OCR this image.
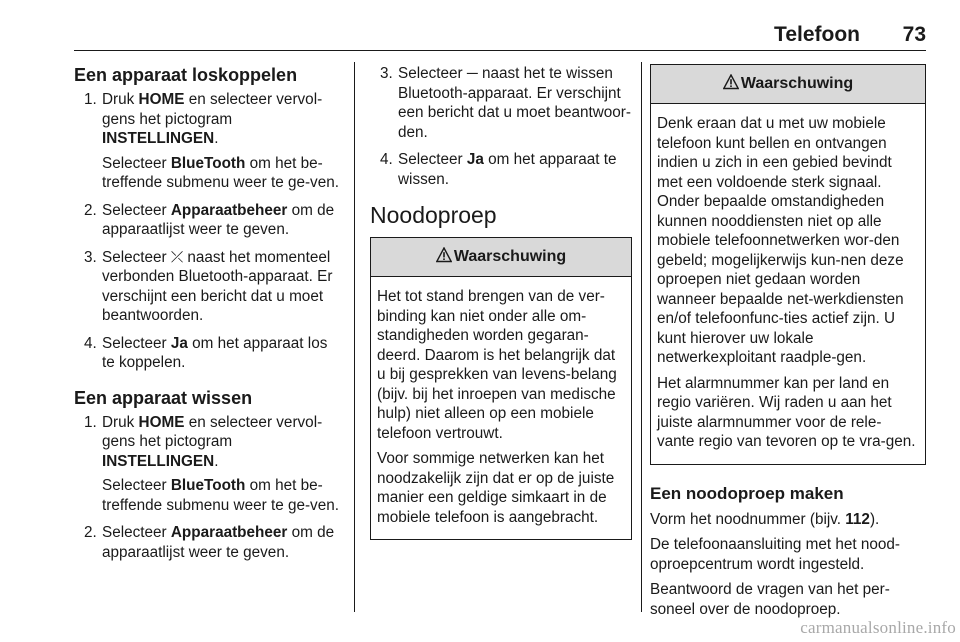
Telefoon	73
Een apparaat loskoppelen
1. Druk HOME en selecteer vervol-gens het pictogram
INSTELLINGEN.

Selecteer BlueTooth om het be-treffende submenu weer te ge-ven.

2. Selecteer Apparaatbeheer om de apparaatlijst weer te geven.
3. Selecteer ⤫ naast het momenteel verbonden Bluetooth-apparaat. Er verschijnt een bericht dat u moet beantwoorden.
4. Selecteer Ja om het apparaat los te koppelen.
Een apparaat wissen
1. Druk HOME en selecteer vervol-gens het pictogram
INSTELLINGEN.

Selecteer BlueTooth om het be-treffende submenu weer te ge-ven.

2. Selecteer Apparaatbeheer om de apparaatlijst weer te geven.
3. Selecteer ─ naast het te wissen Bluetooth-apparaat. Er verschijnt een bericht dat u moet beantwoor-den.
4. Selecteer Ja om het apparaat te wissen.
Noodoproep
Waarschuwing

Het tot stand brengen van de ver-binding kan niet onder alle om-standigheden worden gegaran-deerd. Daarom is het belangrijk dat u bij gesprekken van levens-belang (bijv. bij het inroepen van medische hulp) niet alleen op een mobiele telefoon vertrouwt.

Voor sommige netwerken kan het noodzakelijk zijn dat er op de juiste manier een geldige simkaart in de mobiele telefoon is aangebracht.

Waarschuwing

Denk eraan dat u met uw mobiele telefoon kunt bellen en ontvangen indien u zich in een gebied bevindt met een voldoende sterk signaal. Onder bepaalde omstandigheden kunnen nooddiensten niet op alle mobiele telefoonnetwerken wor-den gebeld; mogelijkerwijs kun-nen deze oproepen niet gedaan worden wanneer bepaalde net-werkdiensten en/of telefoonfunc-ties actief zijn. U kunt hierover uw lokale netwerkexploitant raadple-gen.

Het alarmnummer kan per land en regio variëren. Wij raden u aan het juiste alarmnummer voor de rele-vante regio van tevoren op te vra-gen.

Een noodoproep maken

Vorm het noodnummer (bijv. 112).

De telefoonaansluiting met het nood-oproepcentrum wordt ingesteld.

Beantwoord de vragen van het per-soneel over de noodoproep.

carmanualsonline.info
